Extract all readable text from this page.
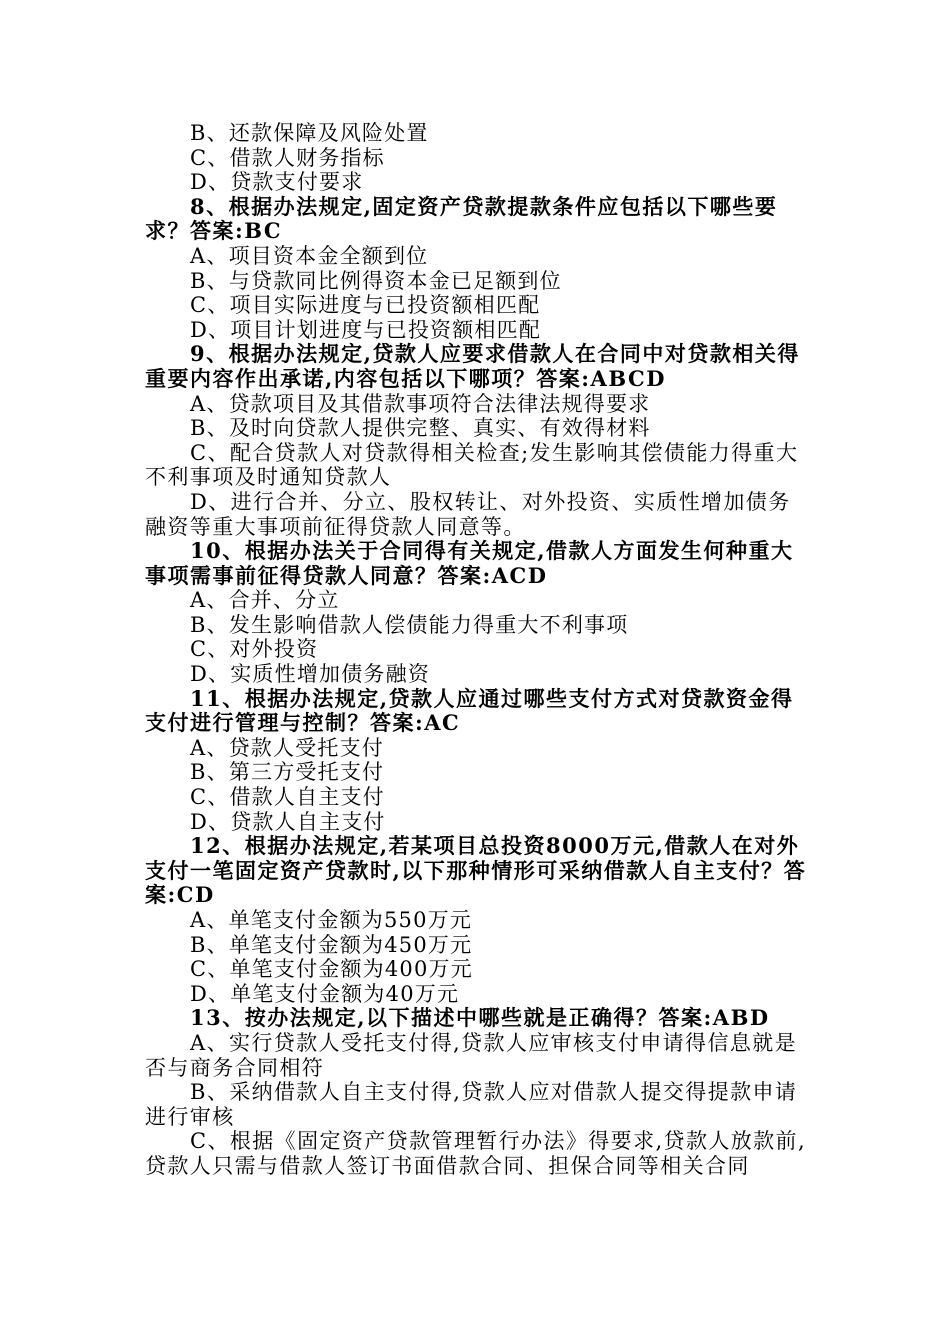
B、还款保障及风险处置
C、借款人财务指标
D、贷款支付要求
8、根据办法规定,固定资产贷款提款条件应包括以下哪些要求？答案:BC
A、项目资本金全额到位
B、与贷款同比例得资本金已足额到位
C、项目实际进度与已投资额相匹配
D、项目计划进度与已投资额相匹配
9、根据办法规定,贷款人应要求借款人在合同中对贷款相关得重要内容作出承诺,内容包括以下哪项？答案:ABCD
A、贷款项目及其借款事项符合法律法规得要求
B、及时向贷款人提供完整、真实、有效得材料
C、配合贷款人对贷款得相关检查;发生影响其偿债能力得重大不利事项及时通知贷款人
D、进行合并、分立、股权转让、对外投资、实质性增加债务融资等重大事项前征得贷款人同意等。
10、根据办法关于合同得有关规定,借款人方面发生何种重大事项需事前征得贷款人同意？答案:ACD
A、合并、分立
B、发生影响借款人偿债能力得重大不利事项
C、对外投资
D、实质性增加债务融资
11、根据办法规定,贷款人应通过哪些支付方式对贷款资金得支付进行管理与控制？答案:AC
A、贷款人受托支付
B、第三方受托支付
C、借款人自主支付
D、贷款人自主支付
12、根据办法规定,若某项目总投资8000万元,借款人在对外支付一笔固定资产贷款时,以下那种情形可采纳借款人自主支付？答案:CD
A、单笔支付金额为550万元
B、单笔支付金额为450万元
C、单笔支付金额为400万元
D、单笔支付金额为40万元
13、按办法规定,以下描述中哪些就是正确得？答案:ABD
A、实行贷款人受托支付得,贷款人应审核支付申请得信息就是否与商务合同相符
B、采纳借款人自主支付得,贷款人应对借款人提交得提款申请进行审核
C、根据《固定资产贷款管理暂行办法》得要求,贷款人放款前,贷款人只需与借款人签订书面借款合同、担保合同等相关合同
